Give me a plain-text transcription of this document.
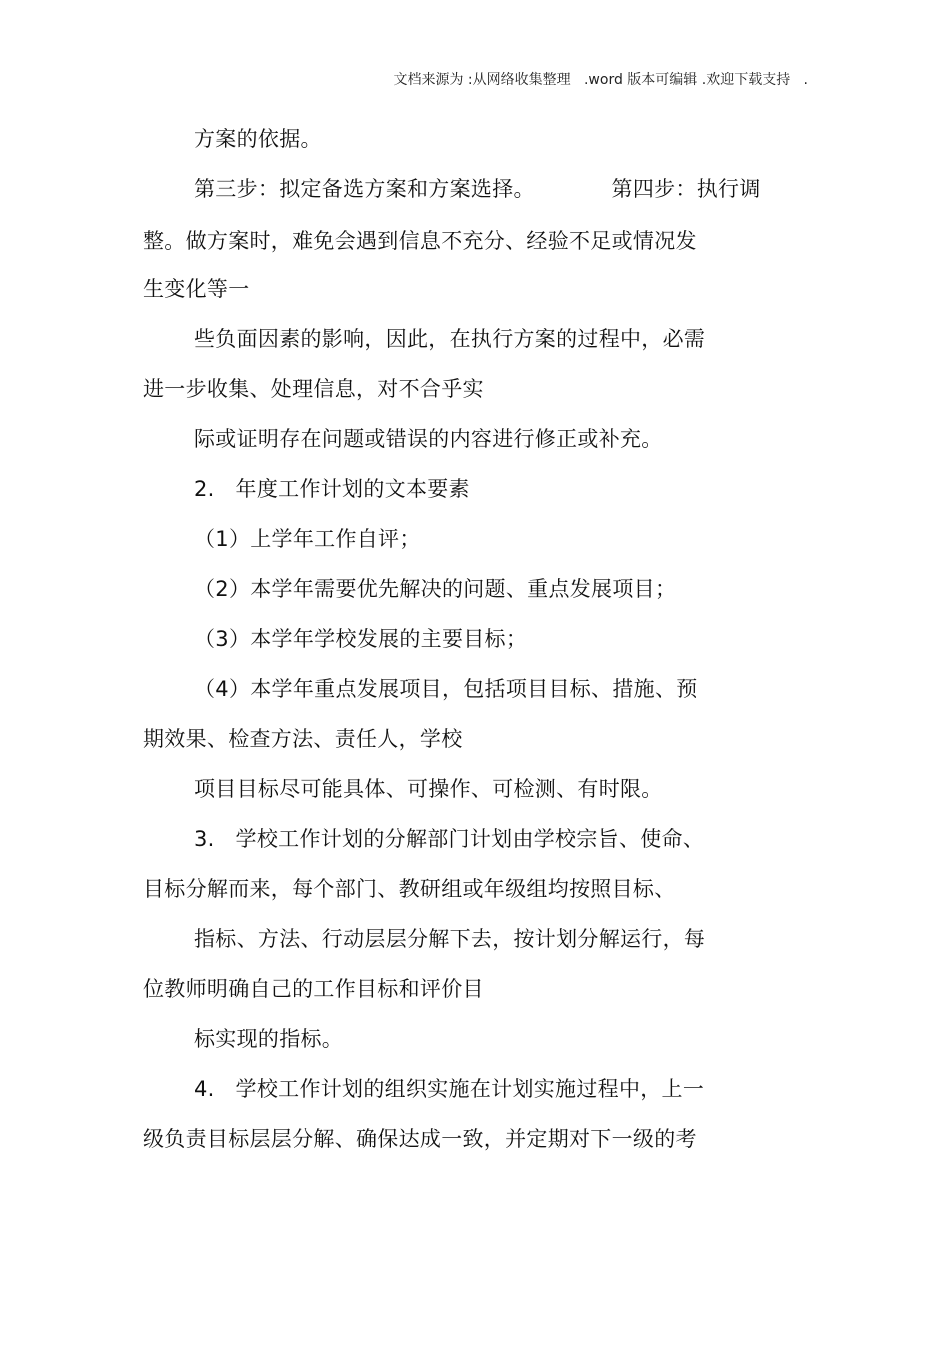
文档来源为 :从网络收集整理   .word 版本可编辑 .欢迎下载支持   .
方案的依据。
第三步：拟定备选方案和方案选择。           第四步：执行调
整。做方案时，难免会遇到信息不充分、经验不足或情况发
生变化等一
些负面因素的影响，因此，在执行方案的过程中，必需
进一步收集、处理信息，对不合乎实
际或证明存在问题或错误的内容进行修正或补充。
2.   年度工作计划的文本要素
（1）上学年工作自评；
（2）本学年需要优先解决的问题、重点发展项目；
（3）本学年学校发展的主要目标；
（4）本学年重点发展项目，包括项目目标、措施、预
期效果、检查方法、责任人，学校
项目目标尽可能具体、可操作、可检测、有时限。
3.   学校工作计划的分解部门计划由学校宗旨、使命、
目标分解而来，每个部门、教研组或年级组均按照目标、
指标、方法、行动层层分解下去，按计划分解运行，每
位教师明确自己的工作目标和评价目
标实现的指标。
4.   学校工作计划的组织实施在计划实施过程中，上一
级负责目标层层分解、确保达成一致，并定期对下一级的考
